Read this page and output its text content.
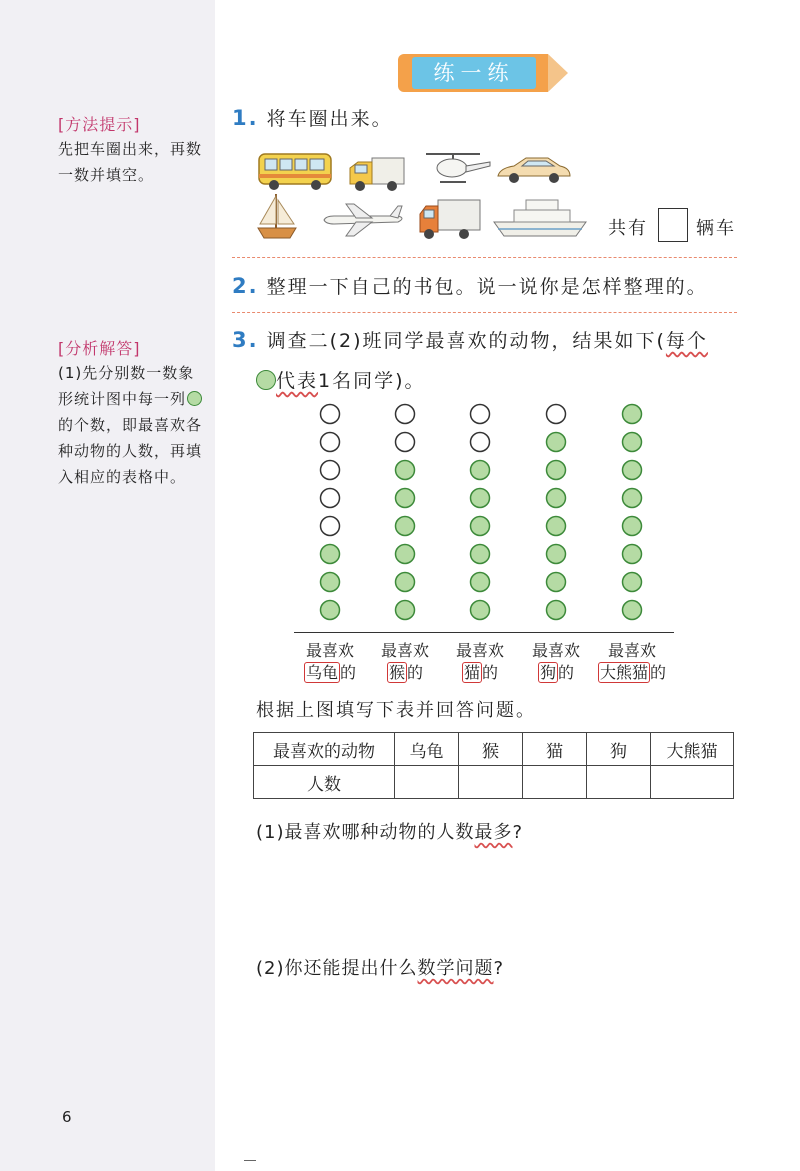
[方法提示]
先把车圈出来，再数一数并填空。
[分析解答]
(1)先分别数一数象形统计图中每一列的个数，即最喜欢各种动物的人数，再填入相应的表格中。
6
练一练
1. 将车圈出来。
共有	辆车
2. 整理一下自己的书包。说一说你是怎样整理的。
3. 调查二(2)班同学最喜欢的动物，结果如下(每个
代表1名同学)。
最喜欢
乌龟 的
最喜欢
猴 的
最喜欢
猫 的
最喜欢
狗 的
最喜欢
大熊猫 的
根据上图填写下表并回答问题。
最喜欢的动物	乌龟	猴	猫	狗	大熊猫
人数					
(1)最喜欢哪种动物的人数最多?
(2)你还能提出什么数学问题?
